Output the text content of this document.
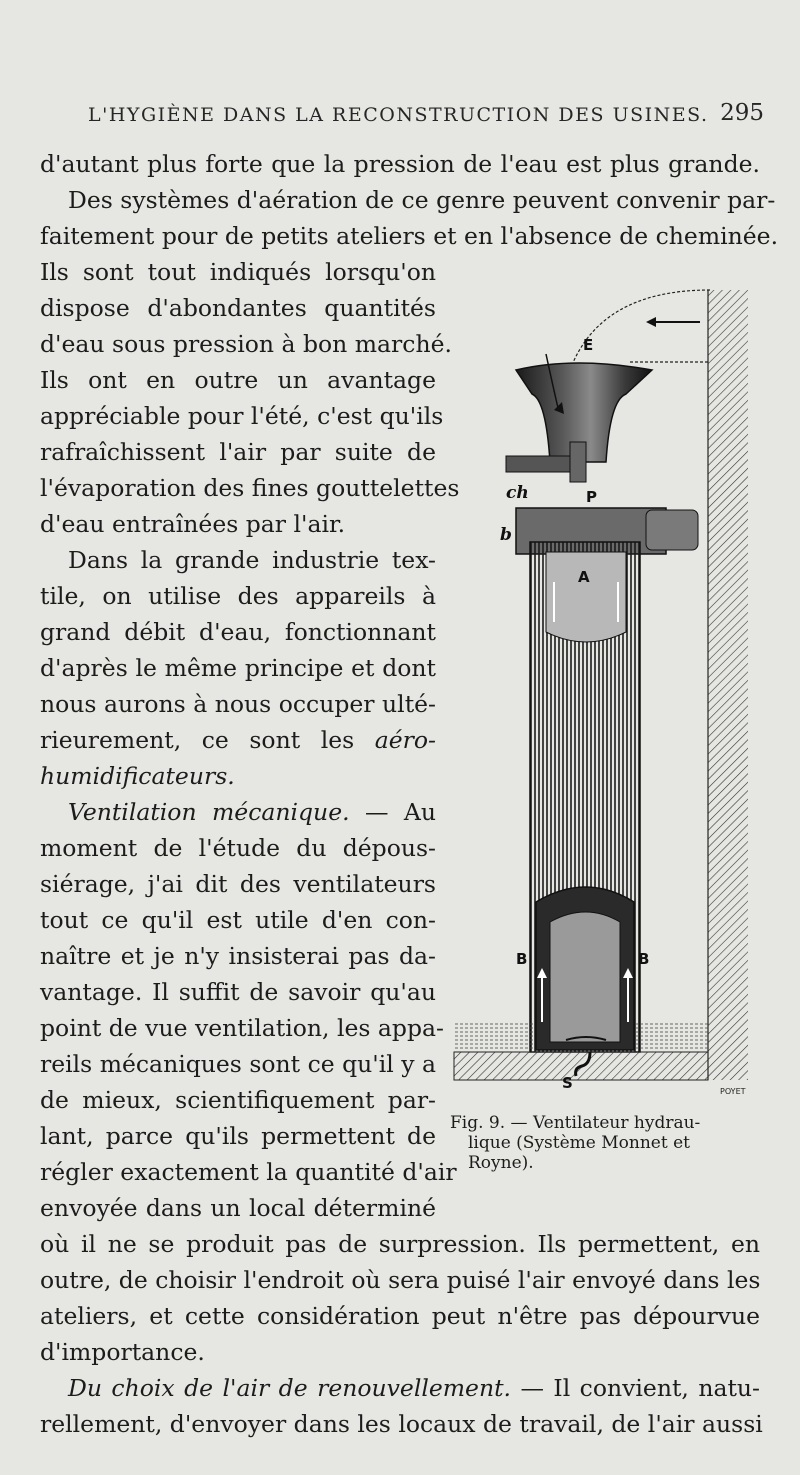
L'HYGIÈNE DANS LA RECONSTRUCTION DES USINES. 295
d'autant plus forte que la pression de l'eau est plus grande.
Des systèmes d'aération de ce genre peuvent convenir par-
faitement pour de petits ateliers et en l'absence de cheminée.
Ils sont tout indiqués lorsqu'on
dispose d'abondantes quantités
d'eau sous pression à bon marché.
Ils ont en outre un avantage
appréciable pour l'été, c'est qu'ils
rafraîchissent l'air par suite de
l'évaporation des fines gouttelettes
d'eau entraînées par l'air.
Dans la grande industrie tex-
tile, on utilise des appareils à
grand débit d'eau, fonctionnant
d'après le même principe et dont
nous aurons à nous occuper ulté-
rieurement, ce sont les aéro-
humidificateurs.
Ventilation mécanique. — Au
moment de l'étude du dépous-
siérage, j'ai dit des ventilateurs
tout ce qu'il est utile d'en con-
naître et je n'y insisterai pas da-
vantage. Il suffit de savoir qu'au
point de vue ventilation, les appa-
reils mécaniques sont ce qu'il y a
de mieux, scientifiquement par-
lant, parce qu'ils permettent de
régler exactement la quantité d'air
envoyée dans un local déterminé
où il ne se produit pas de surpression. Ils permettent, en
outre, de choisir l'endroit où sera puisé l'air envoyé dans les
ateliers, et cette considération peut n'être pas dépourvue
d'importance.
Du choix de l'air de renouvellement. — Il convient, natu-
rellement, d'envoyer dans les locaux de travail, de l'air aussi
E
ch	P
b
A
B	B
S	POYET
Fig. 9. — Ventilateur hydrau-
lique (Système Monnet et
Royne).
